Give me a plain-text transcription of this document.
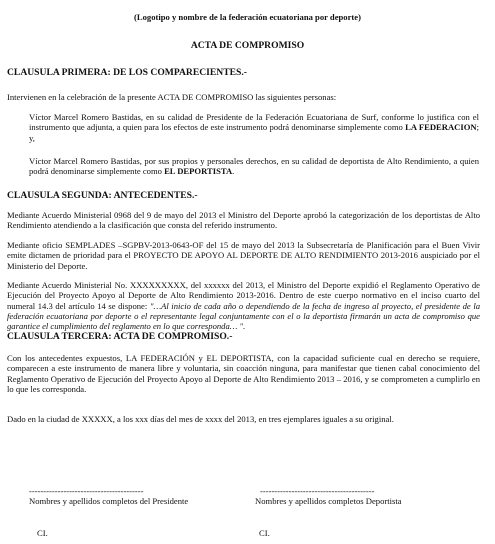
(Logotipo y nombre de la federación ecuatoriana por deporte)

ACTA DE COMPROMISO

CLAUSULA PRIMERA: DE LOS COMPARECIENTES.-

Intervienen en la celebración de la presente ACTA DE COMPROMISO las siguientes personas:

Víctor Marcel Romero Bastidas, en su calidad de Presidente de la Federación Ecuatoriana de Surf, conforme lo justifica con el instrumento que adjunta, a quien para los efectos de este instrumento podrá denominarse simplemente como LA FEDERACION; y,

Víctor Marcel Romero Bastidas, por sus propios y personales derechos, en su calidad de deportista de Alto Rendimiento, a quien podrá denominarse simplemente como EL DEPORTISTA.

CLAUSULA SEGUNDA: ANTECEDENTES.-

Mediante Acuerdo Ministerial 0968 del 9 de mayo del 2013 el Ministro del Deporte aprobó la categorización de los deportistas de Alto Rendimiento atendiendo a la clasificación que consta del referido instrumento.

Mediante oficio SEMPLADES –SGPBV-2013-0643-OF del 15 de mayo del 2013 la Subsecretaría de Planificación para el Buen Vivir emite dictamen de prioridad para el PROYECTO DE APOYO AL DEPORTE DE ALTO RENDIMIENTO 2013-2016 auspiciado por el Ministerio del Deporte.

Mediante Acuerdo Ministerial No. XXXXXXXXX, del xxxxxx del 2013, el Ministro del Deporte expidió el Reglamento Operativo de Ejecución del Proyecto Apoyo al Deporte de Alto Rendimiento 2013-2016. Dentro de este cuerpo normativo en el inciso cuarto del numeral 14.3 del artículo 14 se dispone: "…Al inicio de cada año o dependiendo de la fecha de ingreso al proyecto, el presidente de la federación ecuatoriana por deporte o el representante legal conjuntamente con el o la deportista firmarán un acta de compromiso que garantice el cumplimiento del reglamento en lo que corresponda… ".

CLAUSULA TERCERA: ACTA DE COMPROMISO.-

Con los antecedentes expuestos, LA FEDERACIÓN y EL DEPORTISTA, con la capacidad suficiente cual en derecho se requiere, comparecen a este instrumento de manera libre y voluntaria, sin coacción ninguna, para manifestar que tienen cabal conocimiento del Reglamento Operativo de Ejecución del Proyecto Apoyo al Deporte de Alto Rendimiento 2013 – 2016, y se comprometen a cumplirlo en lo que les corresponda.

Dado en la ciudad de XXXXX, a los xxx días del mes de xxxx del 2013, en tres ejemplares iguales a su original.

----------------------------------------
Nombres y apellidos completos del Presidente
----------------------------------------
Nombres y apellidos completos Deportista
CI.	CI.
